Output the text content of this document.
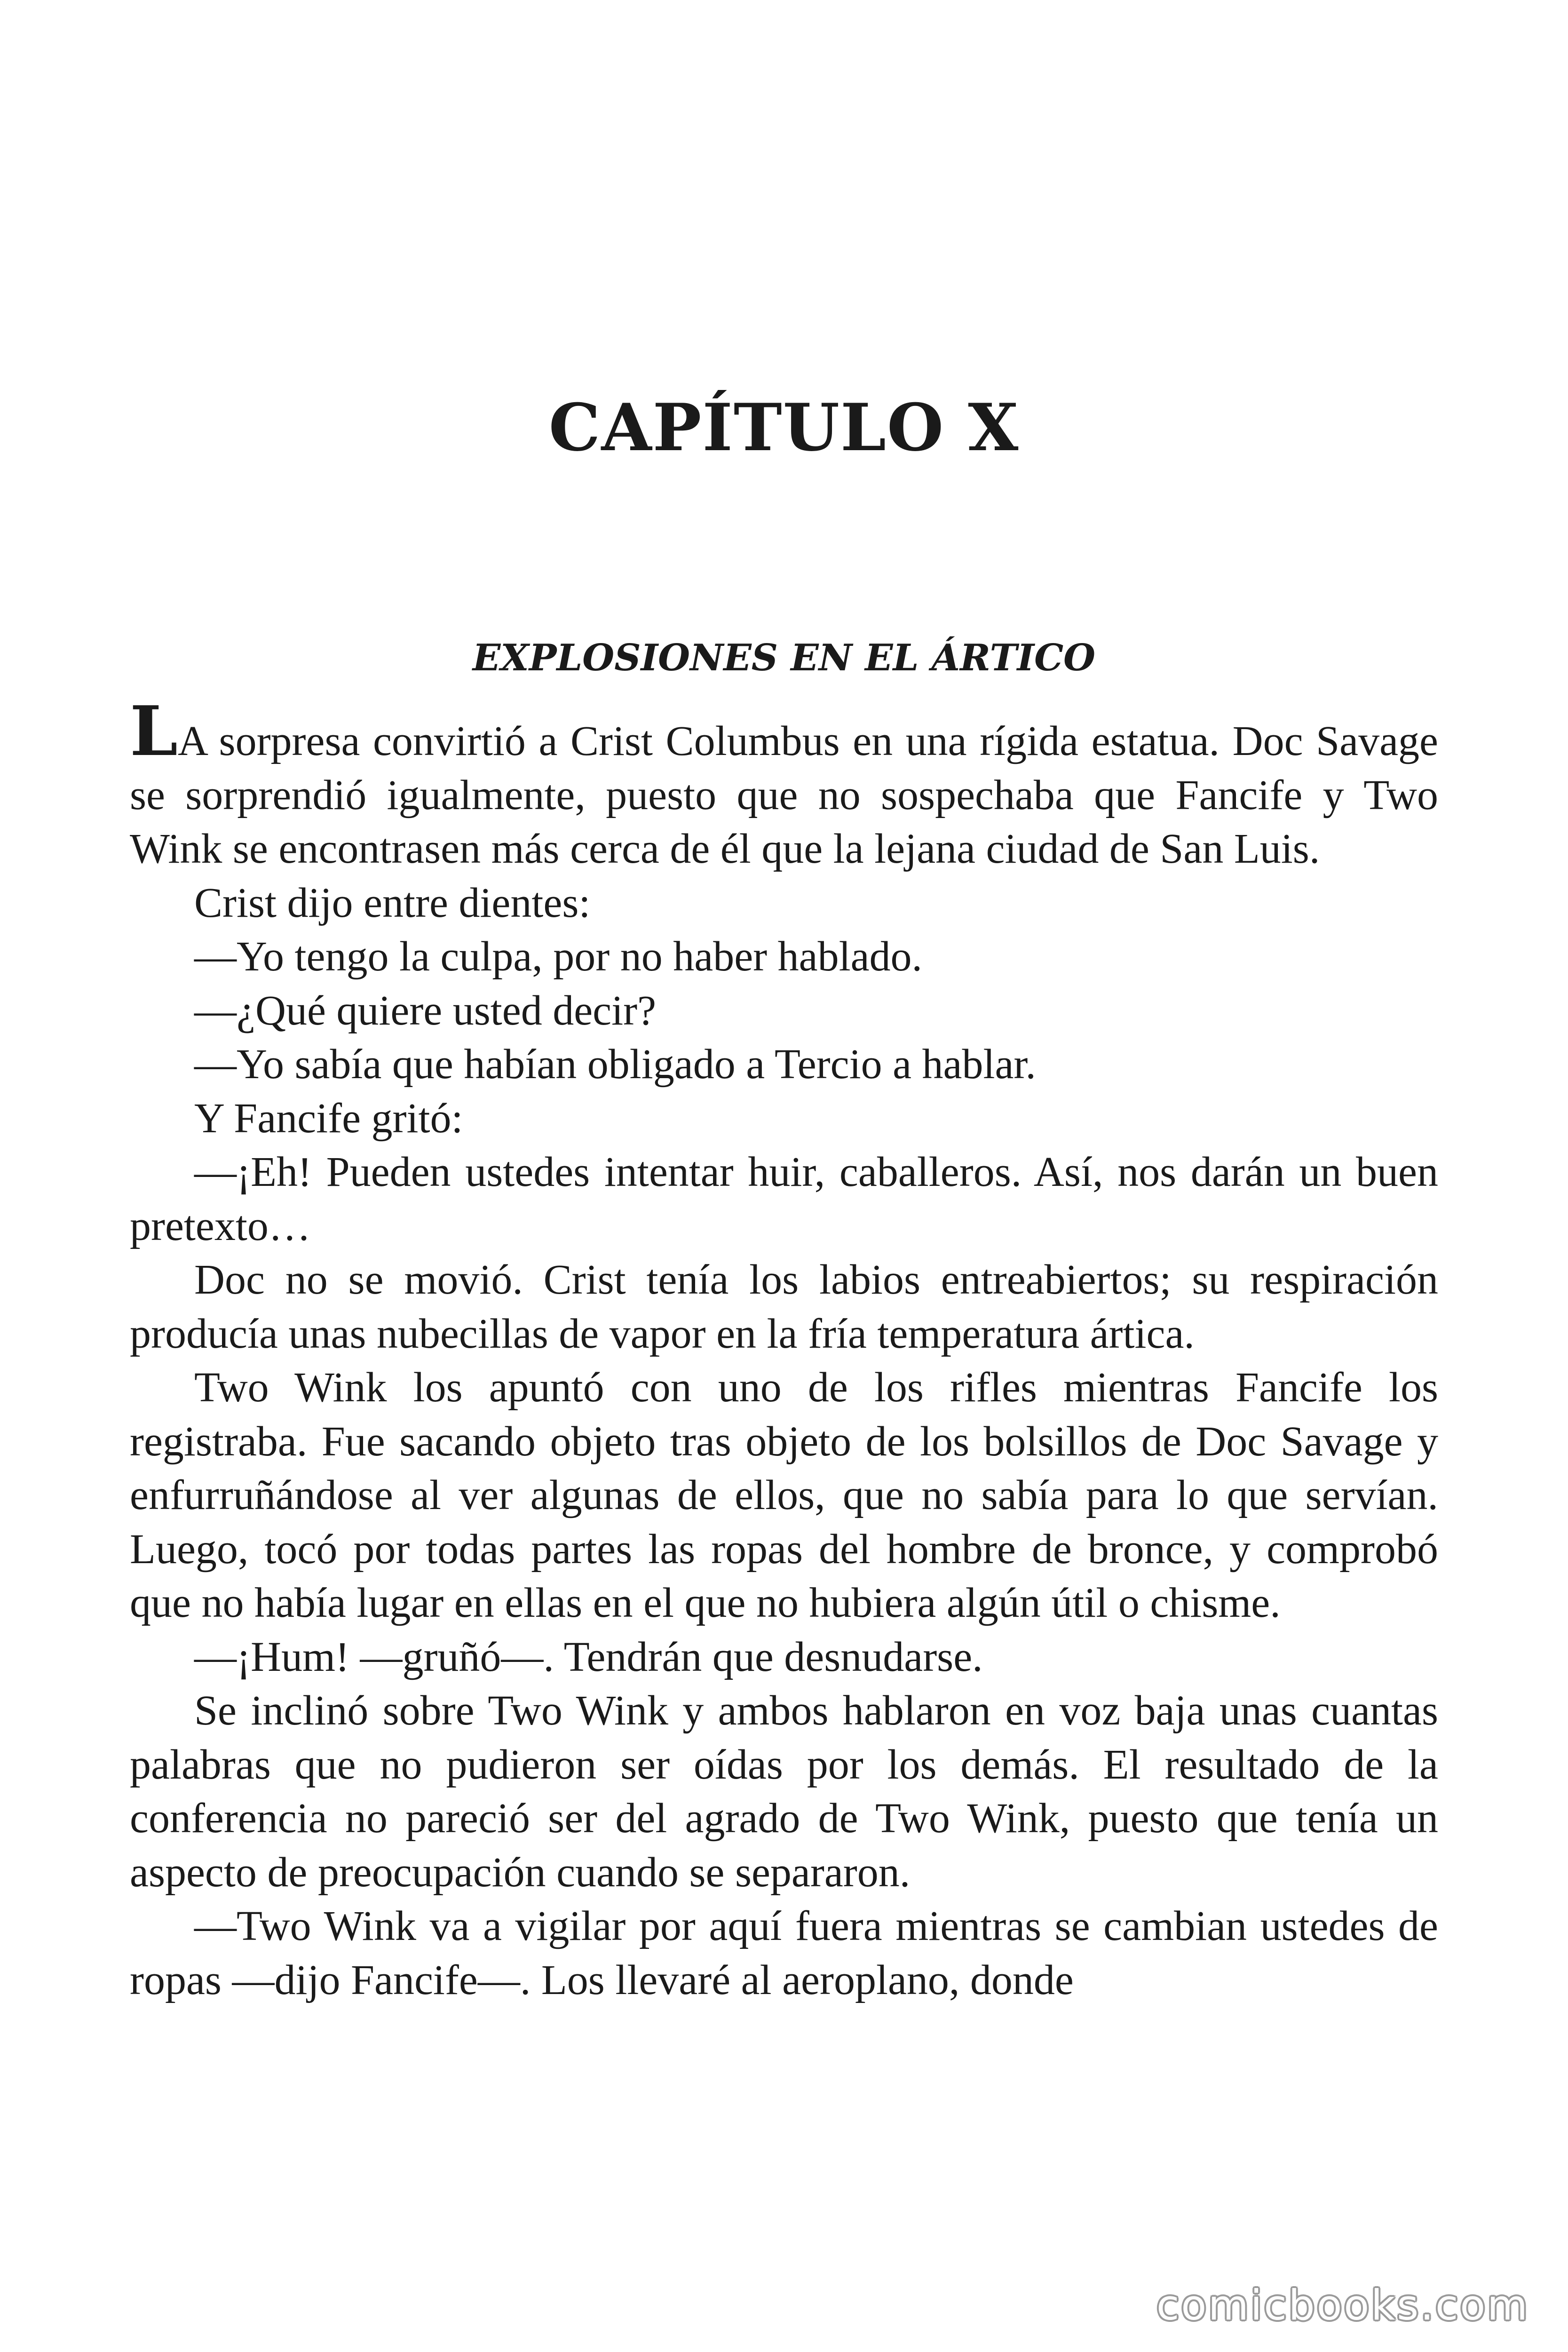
CAPÍTULO X
EXPLOSIONES EN EL ÁRTICO

LA sorpresa convirtió a Crist Columbus en una rígida estatua. Doc Savage se sorprendió igualmente, puesto que no sospechaba que Fancife y Two Wink se encontrasen más cerca de él que la lejana ciudad de San Luis.

Crist dijo entre dientes:

—Yo tengo la culpa, por no haber hablado.

—¿Qué quiere usted decir?

—Yo sabía que habían obligado a Tercio a hablar.

Y Fancife gritó:

—¡Eh! Pueden ustedes intentar huir, caballeros. Así, nos darán un buen pretexto…

Doc no se movió. Crist tenía los labios entreabiertos; su respiración producía unas nubecillas de vapor en la fría temperatura ártica.

Two Wink los apuntó con uno de los rifles mientras Fancife los registraba. Fue sacando objeto tras objeto de los bolsillos de Doc Savage y enfurruñándose al ver algunas de ellos, que no sabía para lo que servían. Luego, tocó por todas partes las ropas del hombre de bronce, y comprobó que no había lugar en ellas en el que no hubiera algún útil o chisme.

—¡Hum! —gruñó—. Tendrán que desnudarse.

Se inclinó sobre Two Wink y ambos hablaron en voz baja unas cuantas palabras que no pudieron ser oídas por los demás. El resultado de la conferencia no pareció ser del agrado de Two Wink, puesto que tenía un aspecto de preocupación cuando se separaron.

—Two Wink va a vigilar por aquí fuera mientras se cambian ustedes de ropas —dijo Fancife—. Los llevaré al aeroplano, donde

comicbooks.com
